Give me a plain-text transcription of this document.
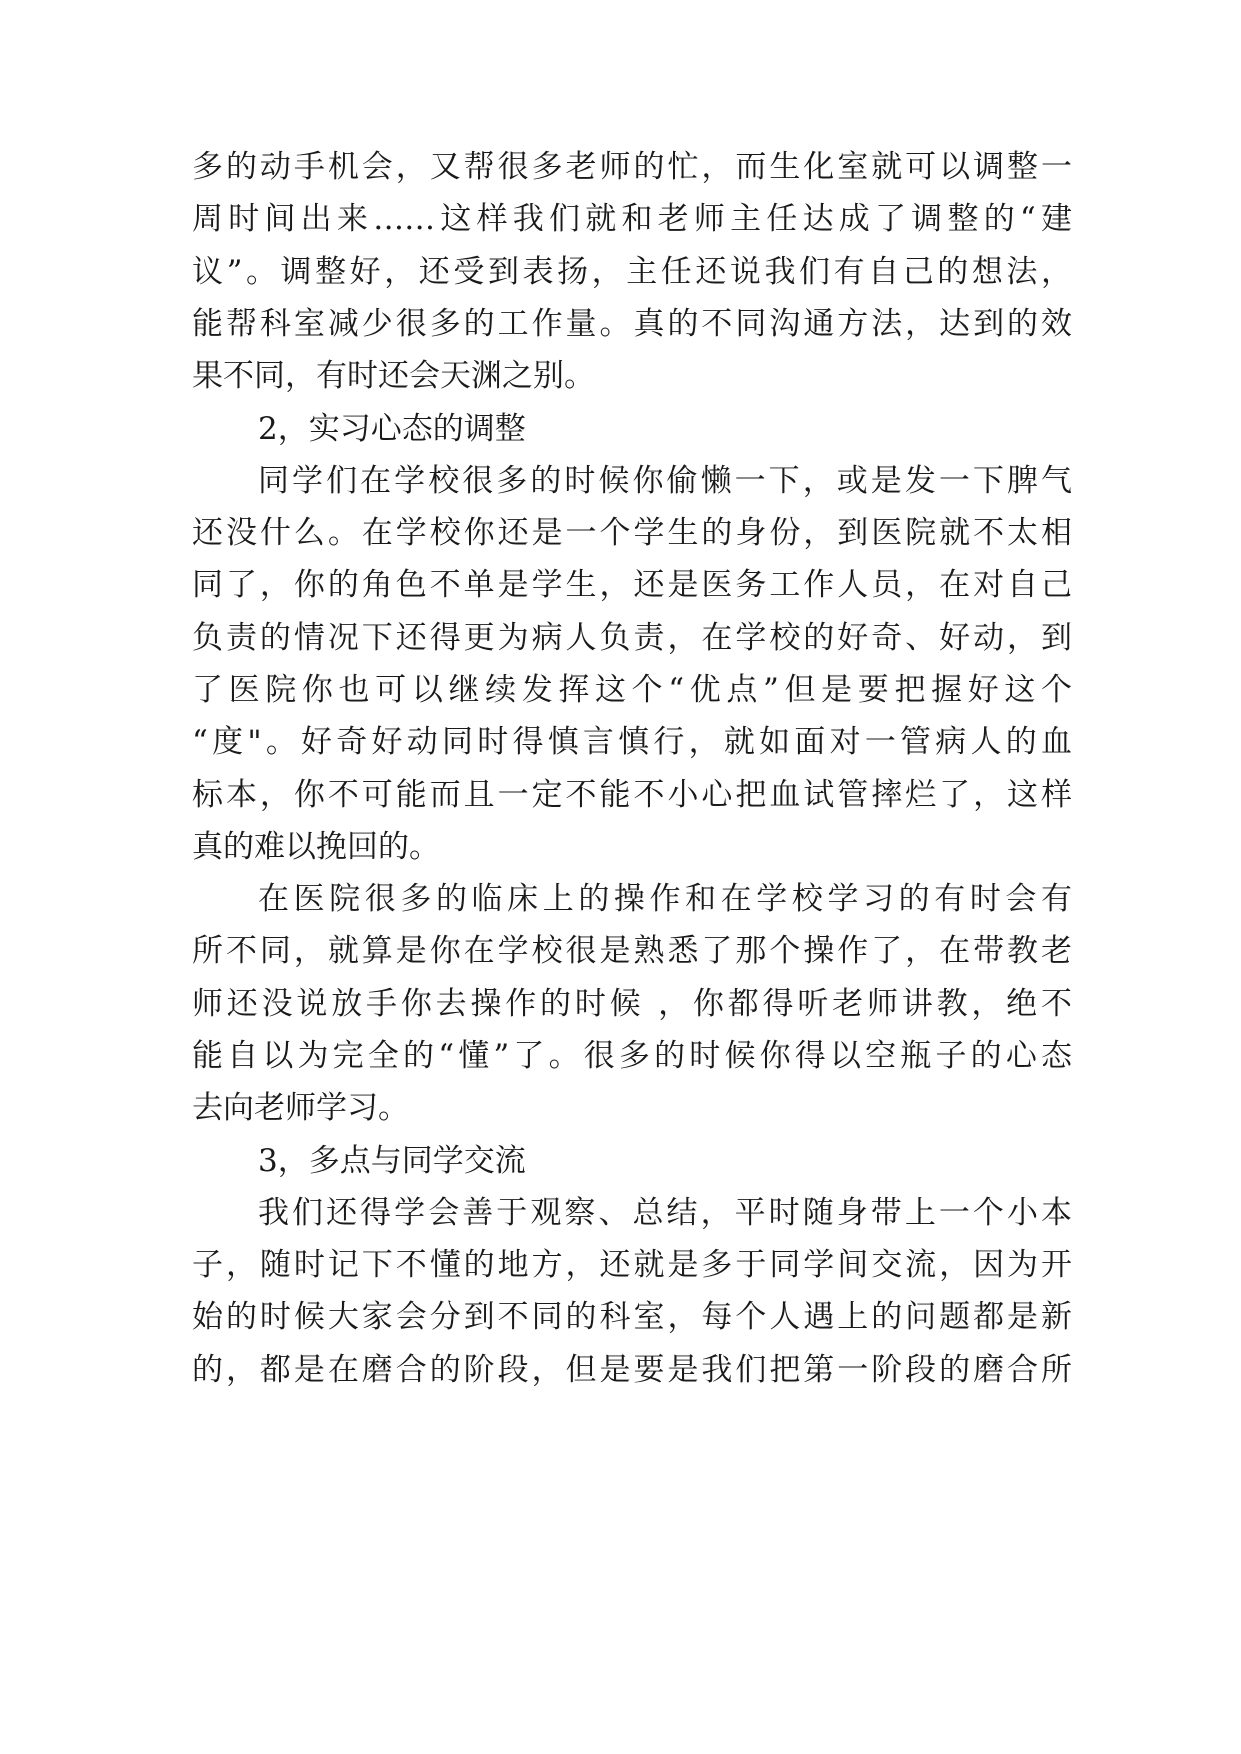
多的动手机会，又帮很多老师的忙，而生化室就可以调整一
周时间出来……这样我们就和老师主任达成了调整的“建
议”。调整好，还受到表扬，主任还说我们有自己的想法，
能帮科室减少很多的工作量。真的不同沟通方法，达到的效
果不同，有时还会天渊之别。
2，实习心态的调整
同学们在学校很多的时候你偷懒一下，或是发一下脾气
还没什么。在学校你还是一个学生的身份，到医院就不太相
同了，你的角色不单是学生，还是医务工作人员，在对自己
负责的情况下还得更为病人负责，在学校的好奇、好动，到
了医院你也可以继续发挥这个“优点”但是要把握好这个
“度"。好奇好动同时得慎言慎行，就如面对一管病人的血
标本，你不可能而且一定不能不小心把血试管摔烂了，这样
真的难以挽回的。
在医院很多的临床上的操作和在学校学习的有时会有
所不同，就算是你在学校很是熟悉了那个操作了，在带教老
师还没说放手你去操作的时候 ，你都得听老师讲教，绝不
能自以为完全的“懂”了。很多的时候你得以空瓶子的心态
去向老师学习。
3，多点与同学交流
我们还得学会善于观察、总结，平时随身带上一个小本
子，随时记下不懂的地方，还就是多于同学间交流，因为开
始的时候大家会分到不同的科室，每个人遇上的问题都是新
的，都是在磨合的阶段，但是要是我们把第一阶段的磨合所
